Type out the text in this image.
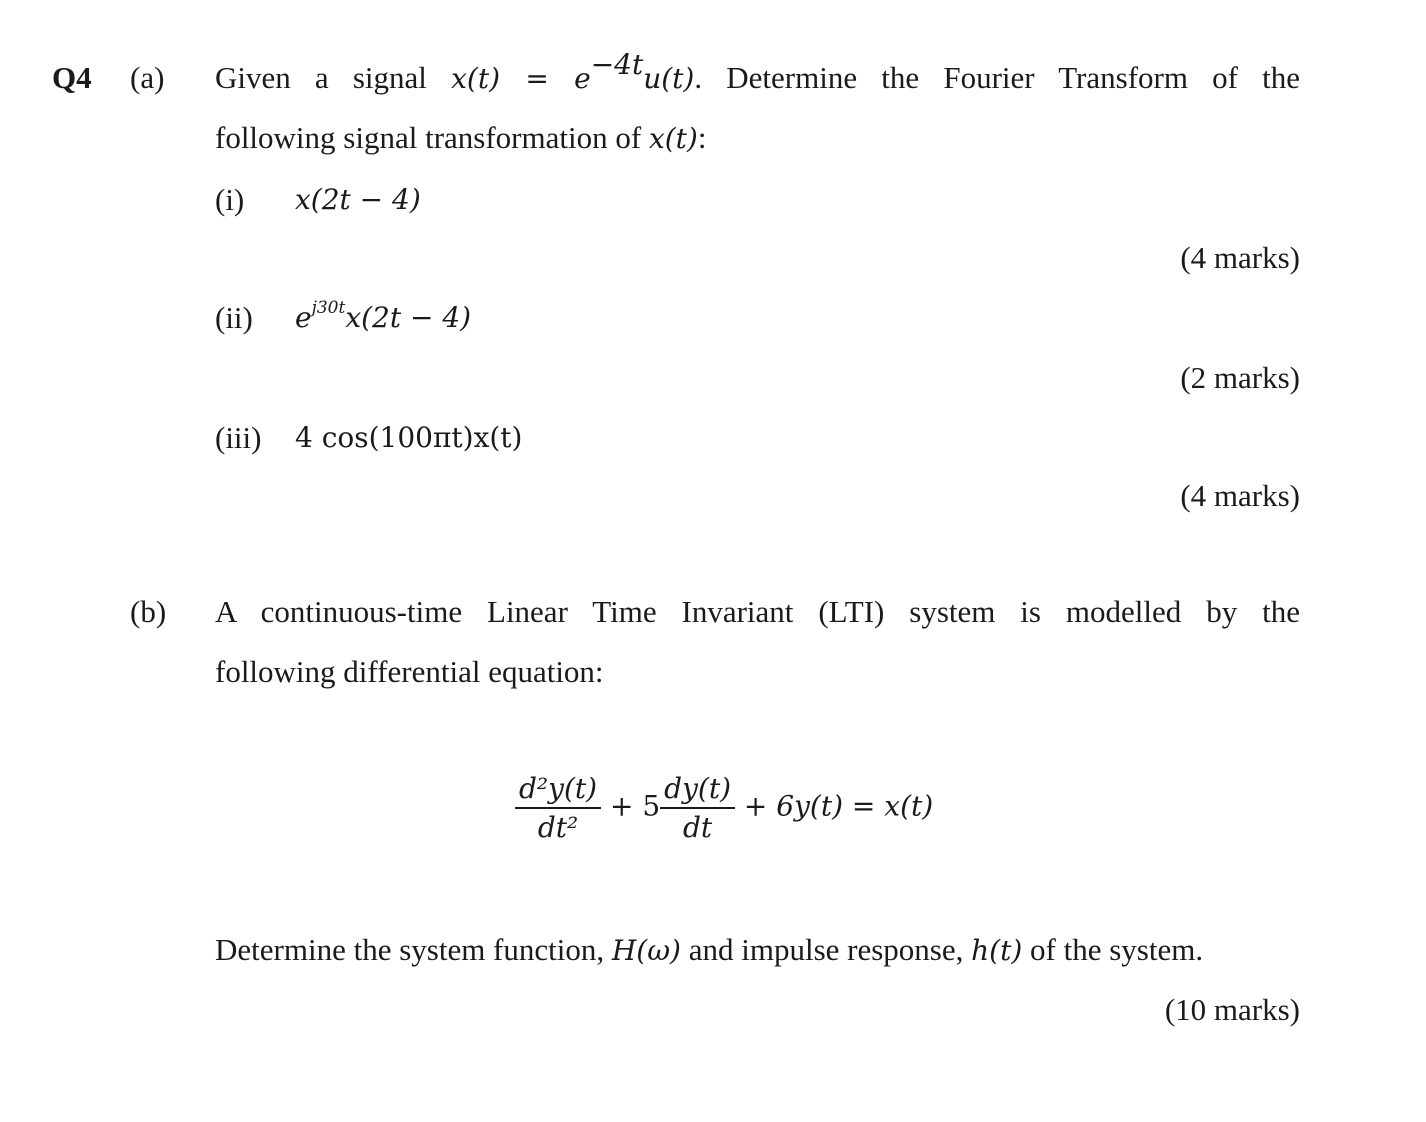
Q4 (a) Given a signal $x(t) = e^{-4t}u(t)$. Determine the Fourier Transform of the
following signal transformation of x(t):
(i) x(2t − 4)
(4 marks)
(ii) $e^{j30t}x(2t - 4)$
(2 marks)
(iii) 4 cos(100πt)x(t)
(4 marks)
(b) A continuous-time Linear Time Invariant (LTI) system is modelled by the
following differential equation:
$\frac{\text{d²y(t)}}{\text{dt²}} + 5 \frac{dy(t)}{dt} + 6y(t) = x(t)$
Determine the system function, H(ω) and impulse response, h(t) of the system.
(10 marks)
